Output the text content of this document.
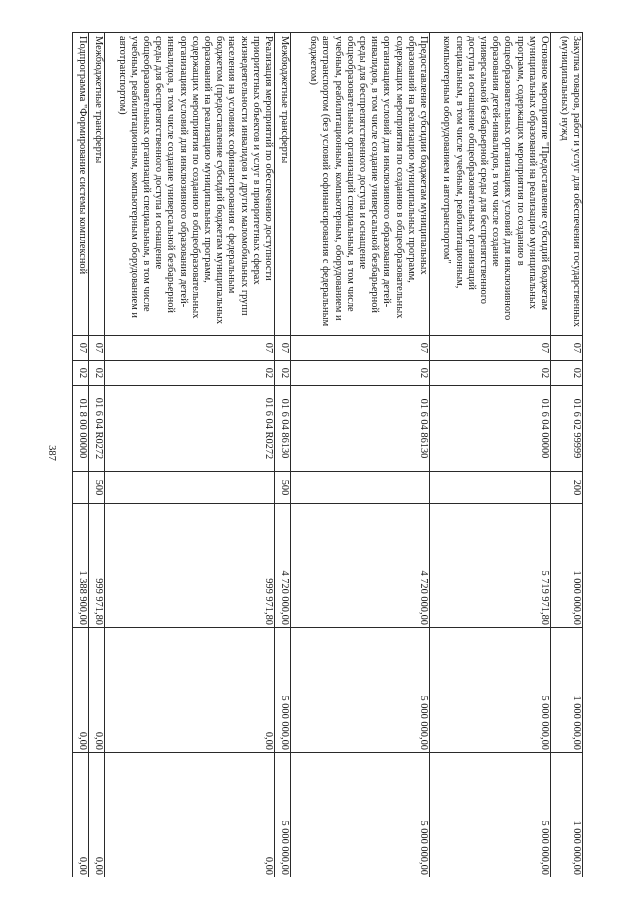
387
Закупка товаров, работ и услуг для обеспечения государственных (муниципальных) нужд	07	02	01 6 02 99999	200	1 000 000,00	1 000 000,00	1 000 000,00
Основное мероприятие "Предоставление субсидий бюджетам муниципальных образований на реализацию муниципальных программ, содержащих мероприятия по созданию в общеобразовательных организациях условий для инклюзивного образования детей-инвалидов, в том числе создание универсальной безбарьерной среды для беспрепятственного доступа и оснащение общеобразовательных организаций специальным, в том числе учебным, реабилитационным, компьютерным оборудованием и автотранспортом"	07	02	01 6 04 00000		5 719 971,80	5 000 000,00	5 000 000,00
Предоставление субсидии бюджетам муниципальных образований на реализацию муниципальных программ, содержащих мероприятия по созданию в общеобразовательных организациях условий для инклюзивного образования детей-инвалидов, в том числе создание универсальной безбарьерной среды для беспрепятственного доступа и оснащение общеобразовательных организаций специальным, в том числе учебным, реабилитационным, компьютерным, оборудованием и автотранспортом (без условий софинансирования с федеральным бюджетом)	07	02	01 6 04 86130		4 720 000,00	5 000 000,00	5 000 000,00
Межбюджетные трансферты	07	02	01 6 04 86130	500	4 720 000,00	5 000 000,00	5 000 000,00
Реализация мероприятий по обеспечению доступности приоритетных объектов и услуг в приоритетных сферах жизнедеятельности инвалидов и других маломобильных групп населения на условиях софинансирования с федеральным бюджетом (предоставление субсидий бюджетам муниципальных образований на реализацию муниципальных программ, содержащих мероприятия по созданию в общеобразовательных организациях условий для инклюзивного образования детей-инвалидов, в том числе создание универсальной безбарьерной среды для беспрепятственного доступа и оснащение общеобразовательных организаций специальным, в том числе учебным, реабилитационным, компьютерным оборудованием и автотранспортом)	07	02	01 6 04 R0272		999 971,80	0,00	0,00
Межбюджетные трансферты	07	02	01 6 04 R0272	500	999 971,80	0,00	0,00
Подпрограмма "Формирование системы комплексной	07	02	01 8 00 00000		1 388 900,00	0,00	0,00
